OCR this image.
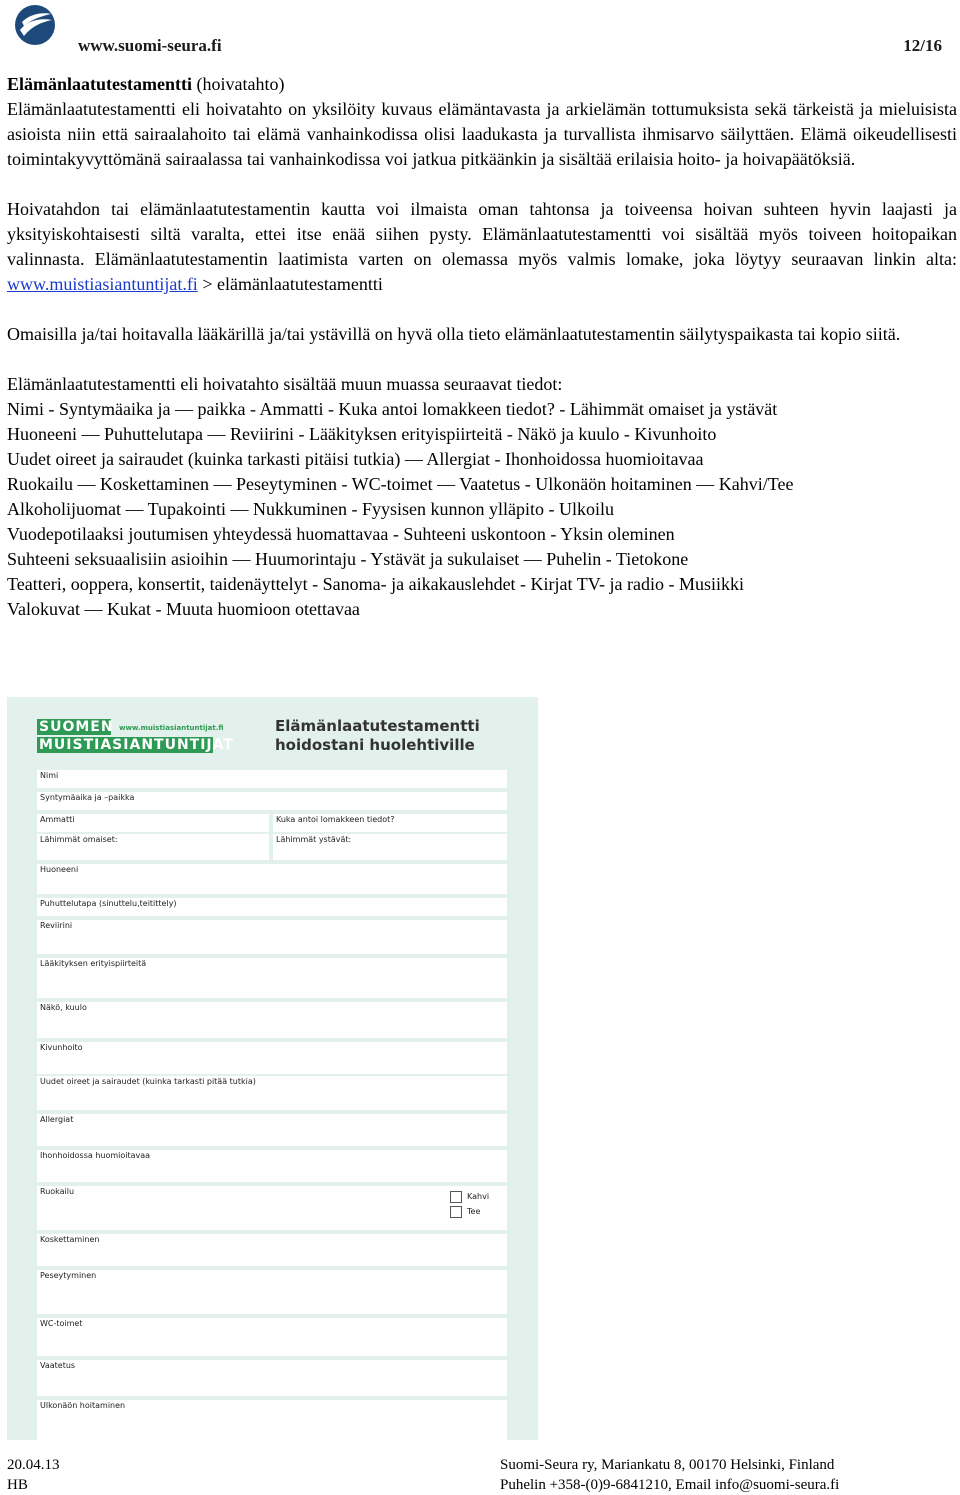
www.suomi-seura.fi	12/16

Elämänlaatutestamentti (hoivatahto)

Elämänlaatutestamentti eli hoivatahto on yksilöity kuvaus elämäntavasta ja arkielämän tottumuksista sekä tärkeistä ja mieluisista asioista niin että sairaalahoito tai elämä vanhainkodissa olisi laadukasta ja turvallista ihmisarvo säilyttäen. Elämä oikeudellisesti toimintakyvyttömänä sairaalassa tai vanhainkodissa voi jatkua pitkäänkin ja sisältää erilaisia hoito- ja hoivapäätöksiä.

Hoivatahdon tai elämänlaatutestamentin kautta voi ilmaista oman tahtonsa ja toiveensa hoivan suhteen hyvin laajasti ja yksityiskohtaisesti siltä varalta, ettei itse enää siihen pysty. Elämänlaatutestamentti voi sisältää myös toiveen hoitopaikan valinnasta. Elämänlaatutestamentin laatimista varten on olemassa myös valmis lomake, joka löytyy seuraavan linkin alta: www.muistiasiantuntijat.fi > elämänlaatutestamentti

Omaisilla ja/tai hoitavalla lääkärillä ja/tai ystävillä on hyvä olla tieto elämänlaatutestamentin säilytyspaikasta tai kopio siitä.

Elämänlaatutestamentti eli hoivatahto sisältää muun muassa seuraavat tiedot:

Nimi - Syntymäaika ja — paikka - Ammatti - Kuka antoi lomakkeen tiedot? - Lähimmät omaiset ja ystävät

Huoneeni — Puhuttelutapa — Reviirini - Lääkityksen erityispiirteitä - Näkö ja kuulo - Kivunhoito

Uudet oireet ja sairaudet (kuinka tarkasti pitäisi tutkia) — Allergiat - Ihonhoidossa huomioitavaa

Ruokailu — Koskettaminen — Peseytyminen - WC-toimet — Vaatetus - Ulkonäön hoitaminen — Kahvi/Tee

Alkoholijuomat — Tupakointi — Nukkuminen - Fyysisen kunnon ylläpito - Ulkoilu

Vuodepotilaaksi joutumisen yhteydessä huomattavaa - Suhteeni uskontoon - Yksin oleminen

Suhteeni seksuaalisiin asioihin — Huumorintaju - Ystävät ja sukulaiset — Puhelin - Tietokone

Teatteri, ooppera, konsertit, taidenäyttelyt - Sanoma- ja aikakauslehdet - Kirjat TV- ja radio - Musiikki

Valokuvat — Kukat - Muuta huomioon otettavaa

SUOMEN
MUISTIASIANTUNTIJAT
www.muistiasiantuntijat.fi	Elämänlaatutestamentti
hoidostani huolehtiville
Nimi
Syntymäaika ja –paikka
Ammatti	Kuka antoi lomakkeen tiedot?
Lähimmät omaiset:	Lähimmät ystävät:
Huoneeni
Puhuttelutapa (sinuttelu,teitittely)
Reviirini
Lääkityksen erityispiirteitä
Näkö, kuulo
Kivunhoito
Uudet oireet ja sairaudet (kuinka tarkasti pitää tutkia)
Allergiat
Ihonhoidossa huomioitavaa
Ruokailu
Kahvi
Tee
Koskettaminen
Peseytyminen
WC-toimet
Vaatetus
Ulkonäön hoitaminen
20.04.13
HB
Suomi-Seura ry, Mariankatu 8, 00170 Helsinki, Finland
Puhelin +358-(0)9-6841210, Email info@suomi-seura.fi
